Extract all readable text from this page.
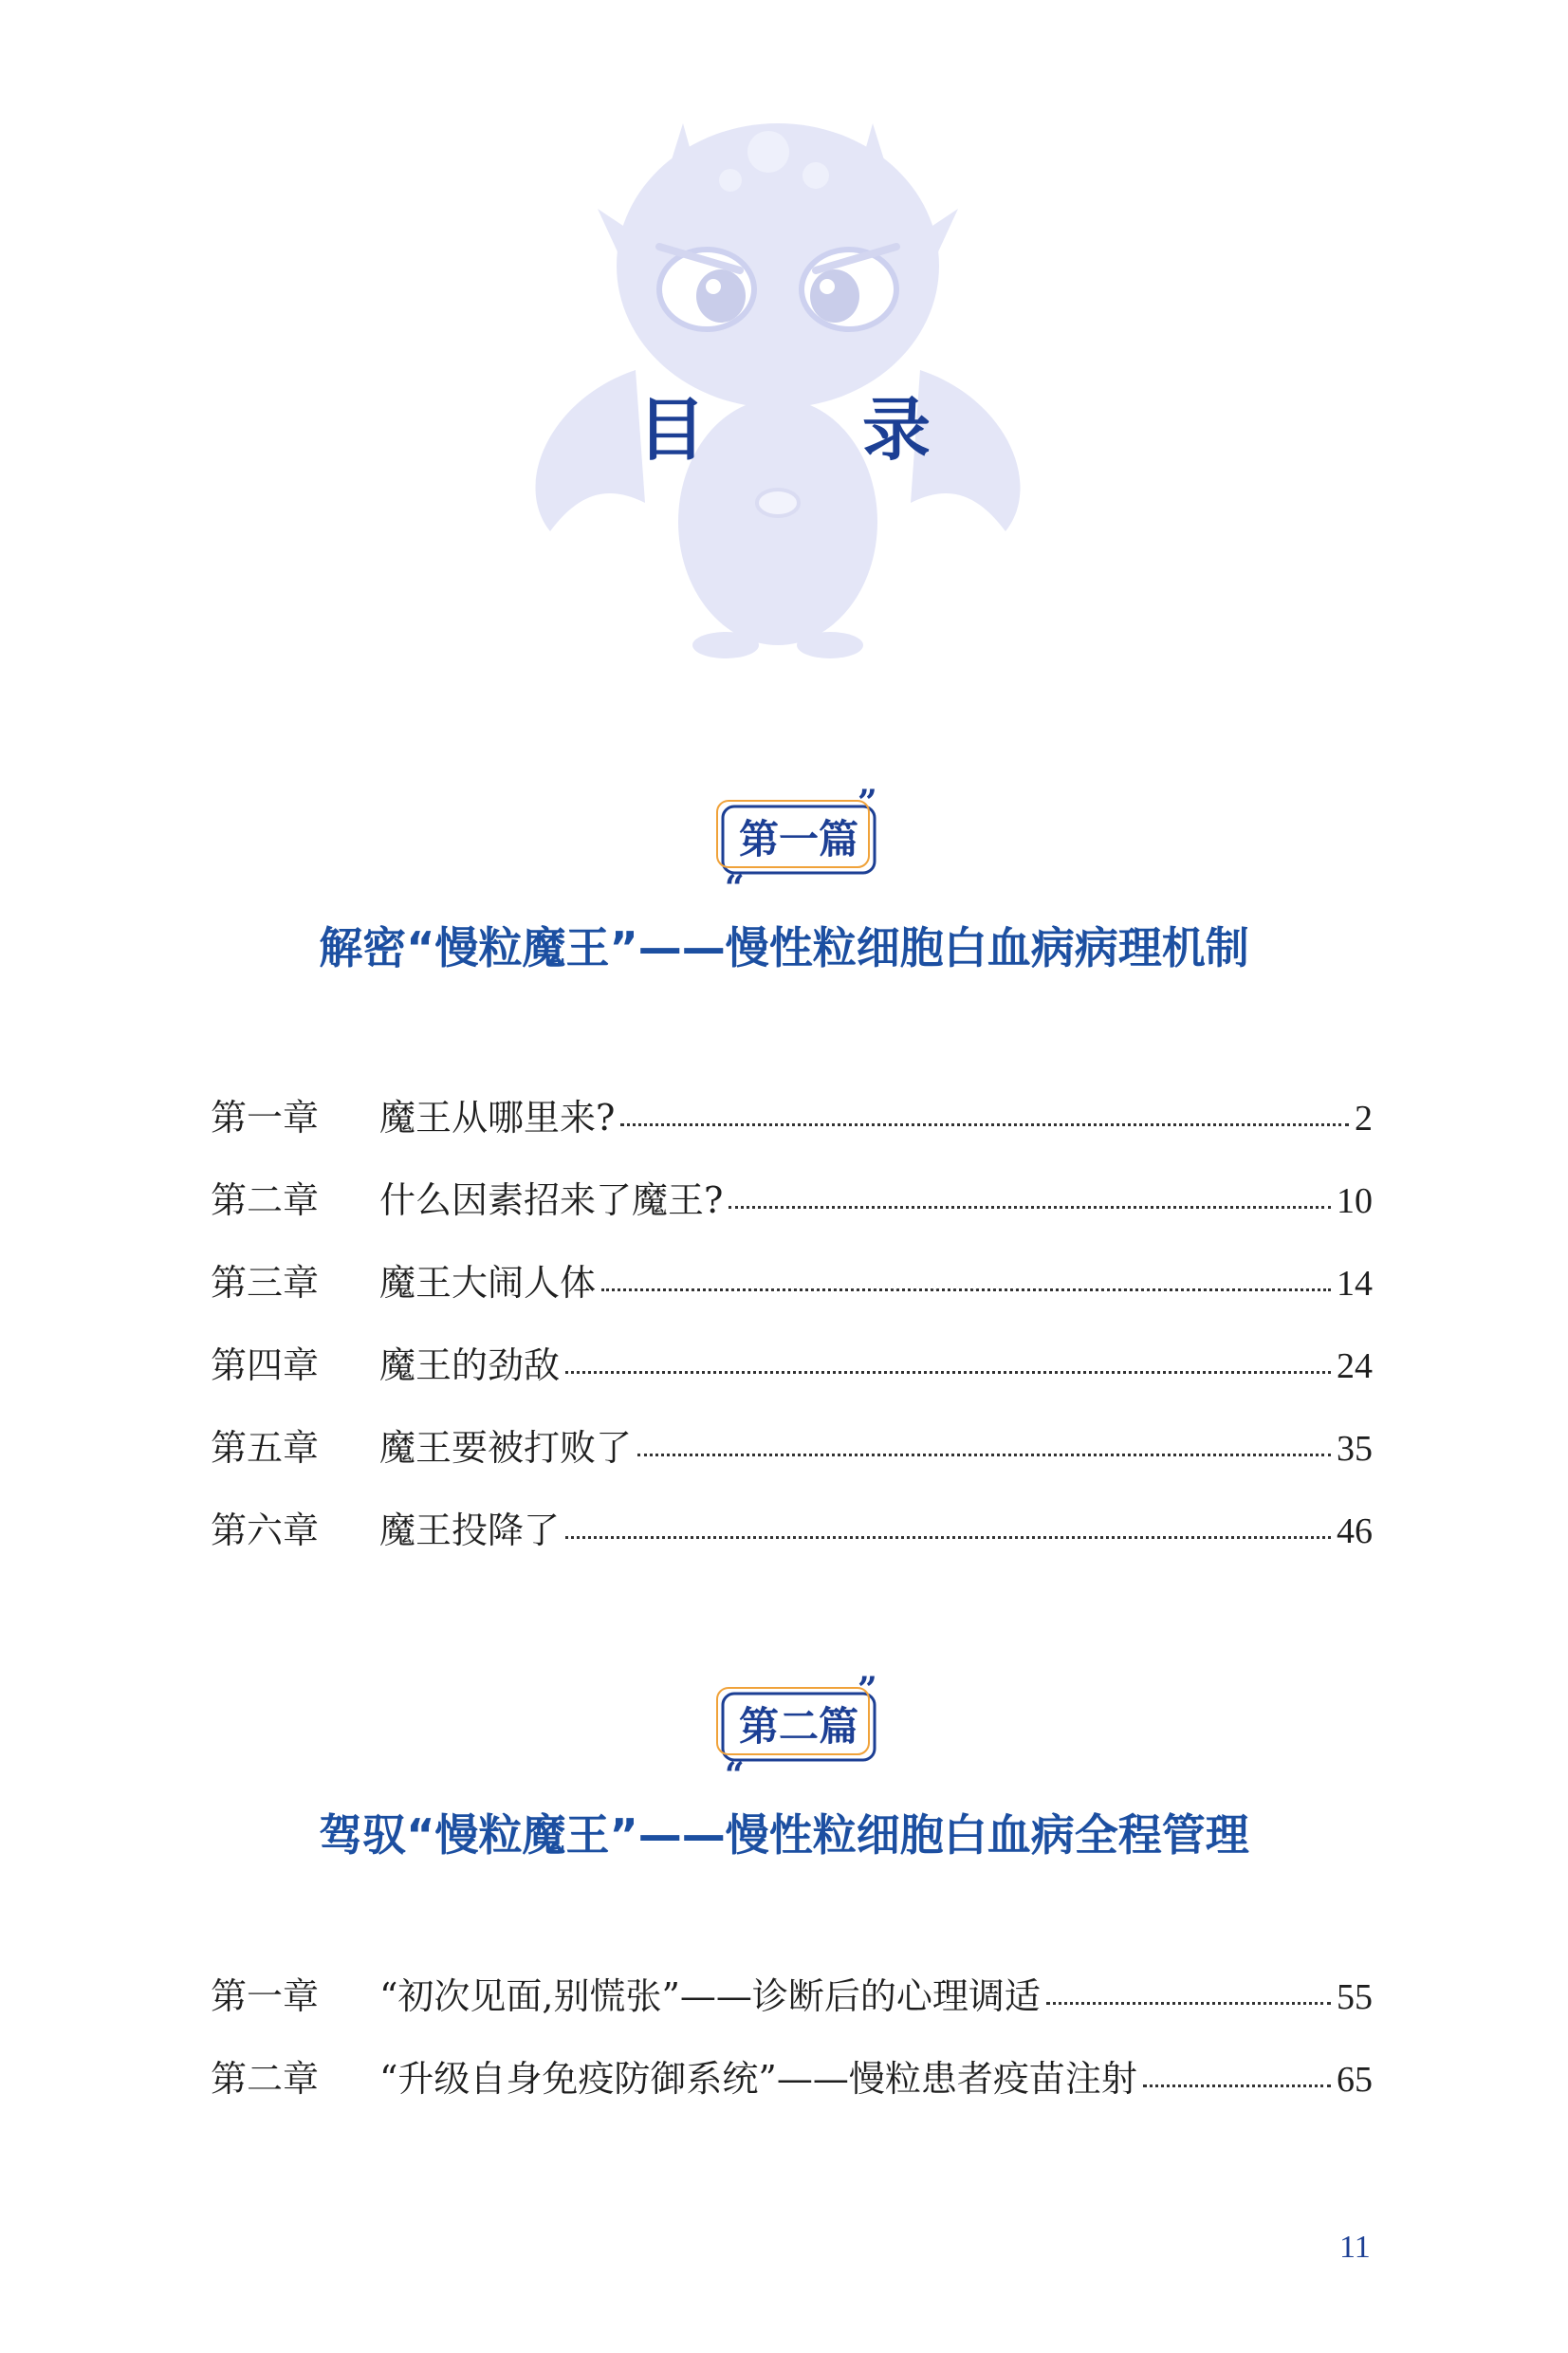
目 录
”
“
第一篇
解密“慢粒魔王”——慢性粒细胞白血病病理机制
第一章	魔王从哪里来?	2
第二章	什么因素招来了魔王?	10
第三章	魔王大闹人体	14
第四章	魔王的劲敌	24
第五章	魔王要被打败了	35
第六章	魔王投降了	46
”
“
第二篇
驾驭“慢粒魔王”——慢性粒细胞白血病全程管理
第一章	“初次见面,别慌张”——诊断后的心理调适	55
第二章	“升级自身免疫防御系统”——慢粒患者疫苗注射	65
11
